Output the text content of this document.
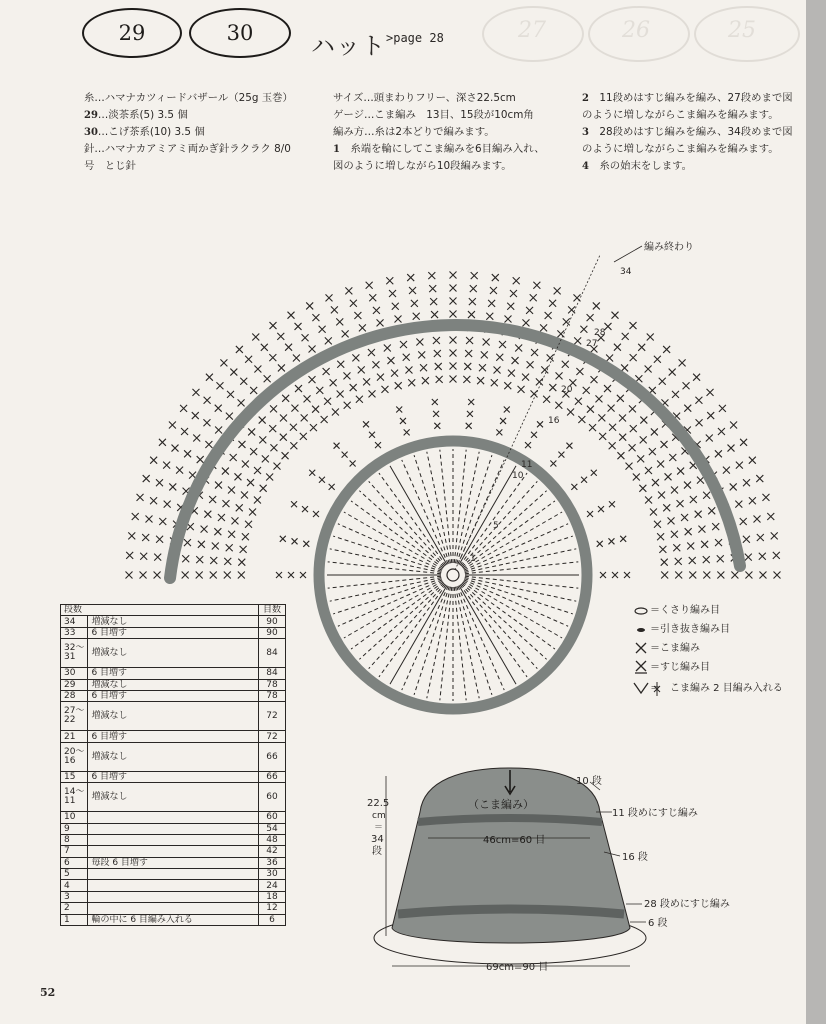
27	26	25
29	30 ハット >page 28

糸…ハマナカツィードバザール（25g 玉巻）

29…淡茶系(5) 3.5 個

30…こげ茶系(10) 3.5 個

針…ハマナカアミアミ両かぎ針ラクラク 8/0 号　とじ針

サイズ…頭まわりフリー、深さ22.5cm

ゲージ…こま編み　13目、15段が10cm角

編み方…糸は2本どりで編みます。

1　 糸端を輪にしてこま編みを6目編み入れ、図のように増しながら10段編みます。

2　 11段めはすじ編みを編み、27段めまで図のように増しながらこま編みを編みます。

3　 28段めはすじ編みを編み、34段めまで図のように増しながらこま編みを編みます。

4　 糸の始末をします。

編み終わり
34
28
27
20
16
11
10
5
1
段数		目数
34	増減なし	90
33	6 目増す	90
32〜31	増減なし	84
30	6 目増す	84
29	増減なし	78
28	6 目増す	78
27〜22	増減なし	72
21	6 目増す	72
20〜16	増減なし	66
15	6 目増す	66
14〜11	増減なし	60
10		60
9		54
8		48
7		42
6	毎段 6 目増す	36
5		30
4		24
3		18
2		12
1	輪の中に 6 目編み入れる	6
＝くさり編み目
＝引き抜き編み目
＝こま編み
＝すじ編み目
＝　こま編み 2 目編み入れる
（こま編み）
46cm=60 目
10 段
11 段めにすじ編み
16 段
28 段めにすじ編み
6 段
69cm=90 目
22.5
cm
＝
34
段
52
